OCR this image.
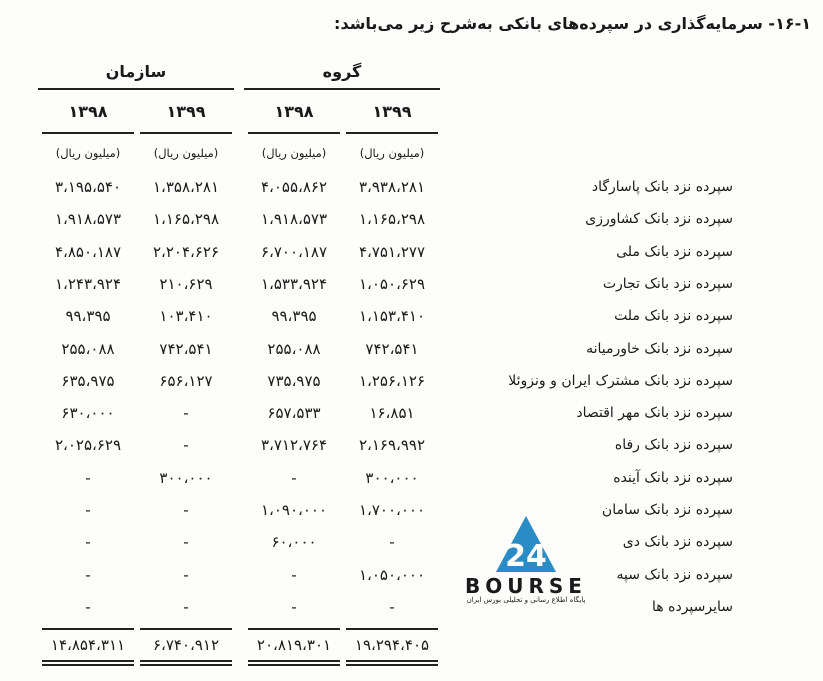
۱۶-۱- سرمایه‌گذاری در سپرده‌های بانکی به‌شرح زیر می‌باشد:
گروه
سازمان
۱۳۹۹
۱۳۹۸
۱۳۹۹
۱۳۹۸
(میلیون ریال)
(میلیون ریال)
(میلیون ریال)
(میلیون ریال)
سپرده نزد بانک پاسارگاد
۳،۹۳۸،۲۸۱
۴،۰۵۵،۸۶۲
۱،۳۵۸،۲۸۱
۳،۱۹۵،۵۴۰
سپرده نزد بانک کشاورزی
۱،۱۶۵،۲۹۸
۱،۹۱۸،۵۷۳
۱،۱۶۵،۲۹۸
۱،۹۱۸،۵۷۳
سپرده نزد بانک ملی
۴،۷۵۱،۲۷۷
۶،۷۰۰،۱۸۷
۲،۲۰۴،۶۲۶
۴،۸۵۰،۱۸۷
سپرده نزد بانک تجارت
۱،۰۵۰،۶۲۹
۱،۵۳۳،۹۲۴
۲۱۰،۶۲۹
۱،۲۴۳،۹۲۴
سپرده نزد بانک ملت
۱،۱۵۳،۴۱۰
۹۹،۳۹۵
۱۰۳،۴۱۰
۹۹،۳۹۵
سپرده نزد بانک خاورمیانه
۷۴۲،۵۴۱
۲۵۵،۰۸۸
۷۴۲،۵۴۱
۲۵۵،۰۸۸
سپرده نزد بانک مشترک ایران و ونزوئلا
۱،۲۵۶،۱۲۶
۷۳۵،۹۷۵
۶۵۶،۱۲۷
۶۳۵،۹۷۵
سپرده نزد بانک مهر اقتصاد
۱۶،۸۵۱
۶۵۷،۵۳۳
-
۶۳۰،۰۰۰
سپرده نزد بانک رفاه
۲،۱۶۹،۹۹۲
۳،۷۱۲،۷۶۴
-
۲،۰۲۵،۶۲۹
سپرده نزد بانک آینده
۳۰۰،۰۰۰
-
۳۰۰،۰۰۰
-
سپرده نزد بانک سامان
۱،۷۰۰،۰۰۰
۱،۰۹۰،۰۰۰
-
-
سپرده نزد بانک دی
-
۶۰،۰۰۰
-
-
سپرده نزد بانک سپه
۱،۰۵۰،۰۰۰
-
-
-
سایرسپرده ها
-
-
-
-
۱۹،۲۹۴،۴۰۵
۲۰،۸۱۹،۳۰۱
۶،۷۴۰،۹۱۲
۱۴،۸۵۴،۳۱۱
24
BOURSE
پایگاه اطلاع رسانی و تحلیلی بورس ایران
